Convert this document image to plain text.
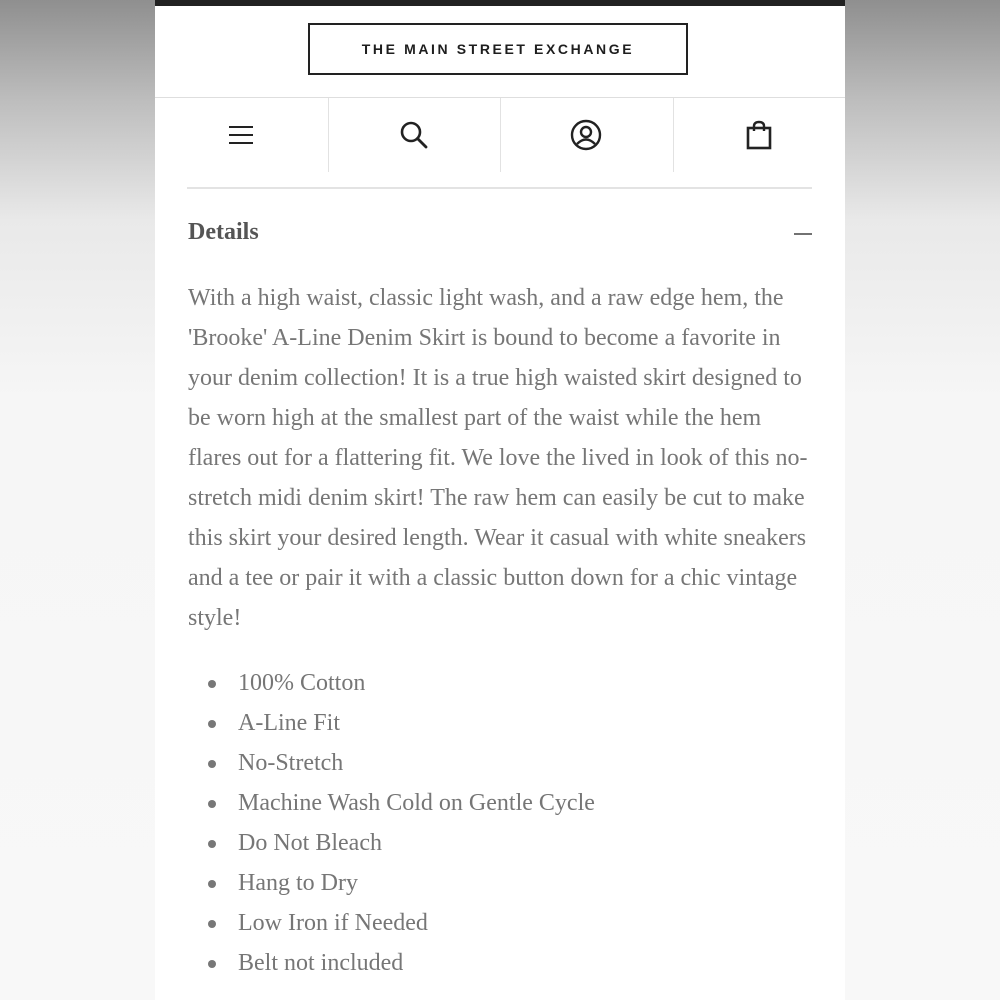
THE MAIN STREET EXCHANGE
Details

With a high waist, classic light wash, and a raw edge hem, the 'Brooke' A-Line Denim Skirt is bound to become a favorite in your denim collection! It is a true high waisted skirt designed to be worn high at the smallest part of the waist while the hem flares out for a flattering fit. We love the lived in look of this no-stretch midi denim skirt! The raw hem can easily be cut to make this skirt your desired length. Wear it casual with white sneakers and a tee or pair it with a classic button down for a chic vintage style!

100% Cotton
A-Line Fit
No-Stretch
Machine Wash Cold on Gentle Cycle
Do Not Bleach
Hang to Dry
Low Iron if Needed
Belt not included
